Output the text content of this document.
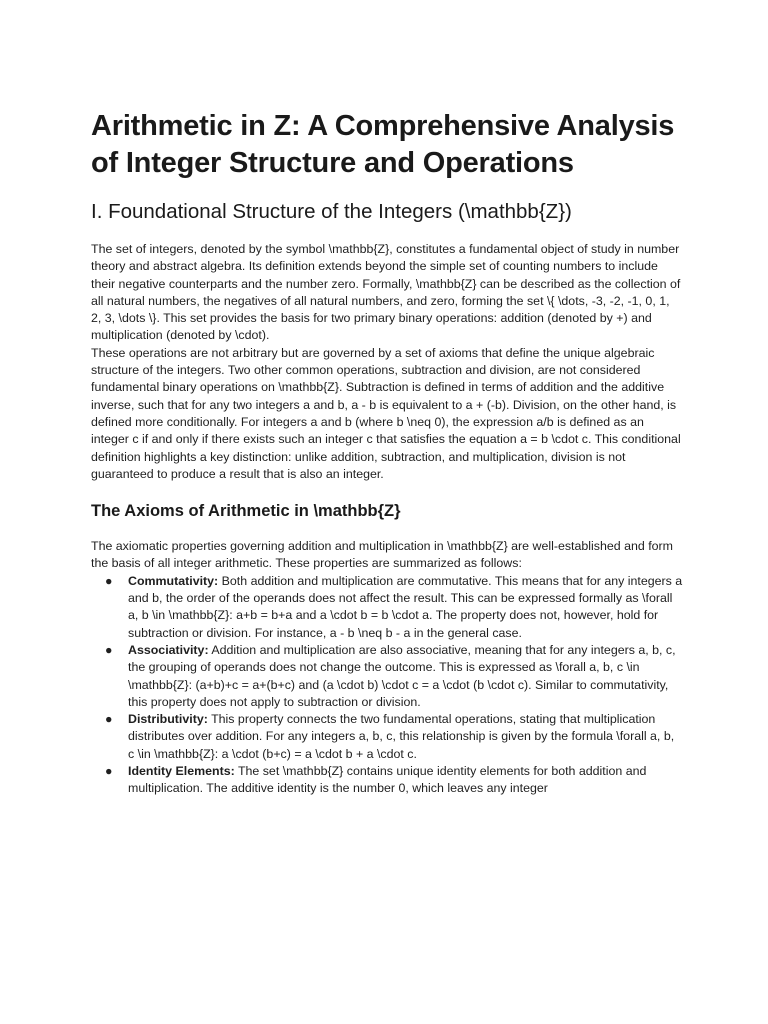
Arithmetic in Z: A Comprehensive Analysis of Integer Structure and Operations
I. Foundational Structure of the Integers (\mathbb{Z})

The set of integers, denoted by the symbol \mathbb{Z}, constitutes a fundamental object of study in number theory and abstract algebra. Its definition extends beyond the simple set of counting numbers to include their negative counterparts and the number zero. Formally, \mathbb{Z} can be described as the collection of all natural numbers, the negatives of all natural numbers, and zero, forming the set \{ \dots, -3, -2, -1, 0, 1, 2, 3, \dots \}. This set provides the basis for two primary binary operations: addition (denoted by +) and multiplication (denoted by \cdot).

These operations are not arbitrary but are governed by a set of axioms that define the unique algebraic structure of the integers. Two other common operations, subtraction and division, are not considered fundamental binary operations on \mathbb{Z}. Subtraction is defined in terms of addition and the additive inverse, such that for any two integers a and b, a - b is equivalent to a + (-b). Division, on the other hand, is defined more conditionally. For integers a and b (where b \neq 0), the expression a/b is defined as an integer c if and only if there exists such an integer c that satisfies the equation a = b \cdot c. This conditional definition highlights a key distinction: unlike addition, subtraction, and multiplication, division is not guaranteed to produce a result that is also an integer.

The Axioms of Arithmetic in \mathbb{Z}

The axiomatic properties governing addition and multiplication in \mathbb{Z} are well-established and form the basis of all integer arithmetic. These properties are summarized as follows:

● Commutativity: Both addition and multiplication are commutative. This means that for any integers a and b, the order of the operands does not affect the result. This can be expressed formally as \forall a, b \in \mathbb{Z}: a+b = b+a and a \cdot b = b \cdot a. The property does not, however, hold for subtraction or division. For instance, a - b \neq b - a in the general case.
● Associativity: Addition and multiplication are also associative, meaning that for any integers a, b, c, the grouping of operands does not change the outcome. This is expressed as \forall a, b, c \in \mathbb{Z}: (a+b)+c = a+(b+c) and (a \cdot b) \cdot c = a \cdot (b \cdot c). Similar to commutativity, this property does not apply to subtraction or division.
● Distributivity: This property connects the two fundamental operations, stating that multiplication distributes over addition. For any integers a, b, c, this relationship is given by the formula \forall a, b, c \in \mathbb{Z}: a \cdot (b+c) = a \cdot b + a \cdot c.
● Identity Elements: The set \mathbb{Z} contains unique identity elements for both addition and multiplication. The additive identity is the number 0, which leaves any integer
